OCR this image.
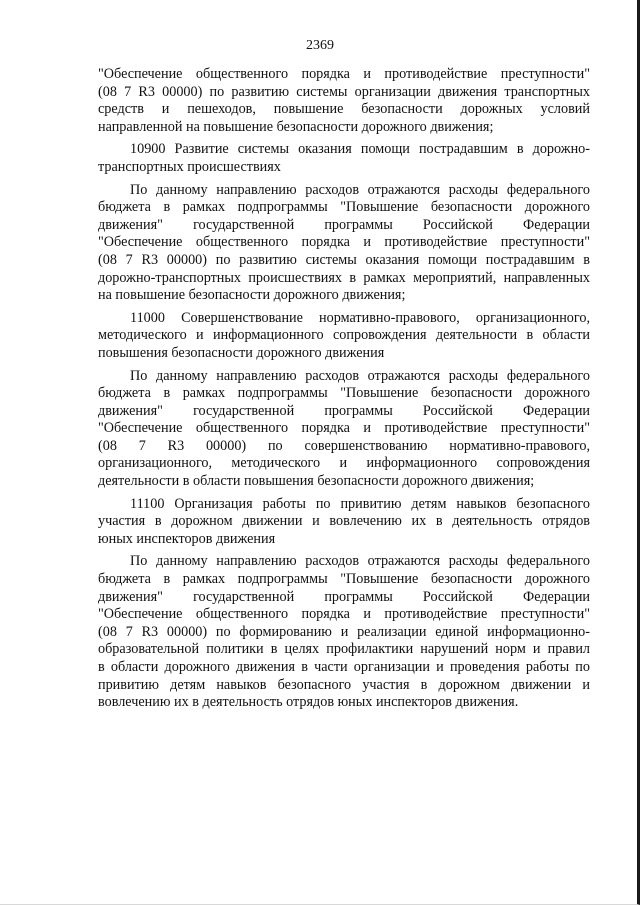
2369
"Обеспечение общественного порядка и противодействие преступности"
(08 7 R3 00000) по развитию системы организации движения транспортных
средств и пешеходов, повышение безопасности дорожных условий
направленной на повышение безопасности дорожного движения;
10900 Развитие системы оказания помощи пострадавшим в дорожно-
транспортных происшествиях
По данному направлению расходов отражаются расходы федерального
бюджета в рамках подпрограммы "Повышение безопасности дорожного
движения" государственной программы Российской Федерации
"Обеспечение общественного порядка и противодействие преступности"
(08 7 R3 00000) по развитию системы оказания помощи пострадавшим в
дорожно-транспортных происшествиях в рамках мероприятий, направленных
на повышение безопасности дорожного движения;
11000 Совершенствование нормативно-правового, организационного,
методического и информационного сопровождения деятельности в области
повышения безопасности дорожного движения
По данному направлению расходов отражаются расходы федерального
бюджета в рамках подпрограммы "Повышение безопасности дорожного
движения" государственной программы Российской Федерации
"Обеспечение общественного порядка и противодействие преступности"
(08 7 R3 00000) по совершенствованию нормативно-правового,
организационного, методического и информационного сопровождения
деятельности в области повышения безопасности дорожного движения;
11100 Организация работы по привитию детям навыков безопасного
участия в дорожном движении и вовлечению их в деятельность отрядов
юных инспекторов движения
По данному направлению расходов отражаются расходы федерального
бюджета в рамках подпрограммы "Повышение безопасности дорожного
движения" государственной программы Российской Федерации
"Обеспечение общественного порядка и противодействие преступности"
(08 7 R3 00000) по формированию и реализации единой информационно-
образовательной политики в целях профилактики нарушений норм и правил
в области дорожного движения в части организации и проведения работы по
привитию детям навыков безопасного участия в дорожном движении и
вовлечению их в деятельность отрядов юных инспекторов движения.
